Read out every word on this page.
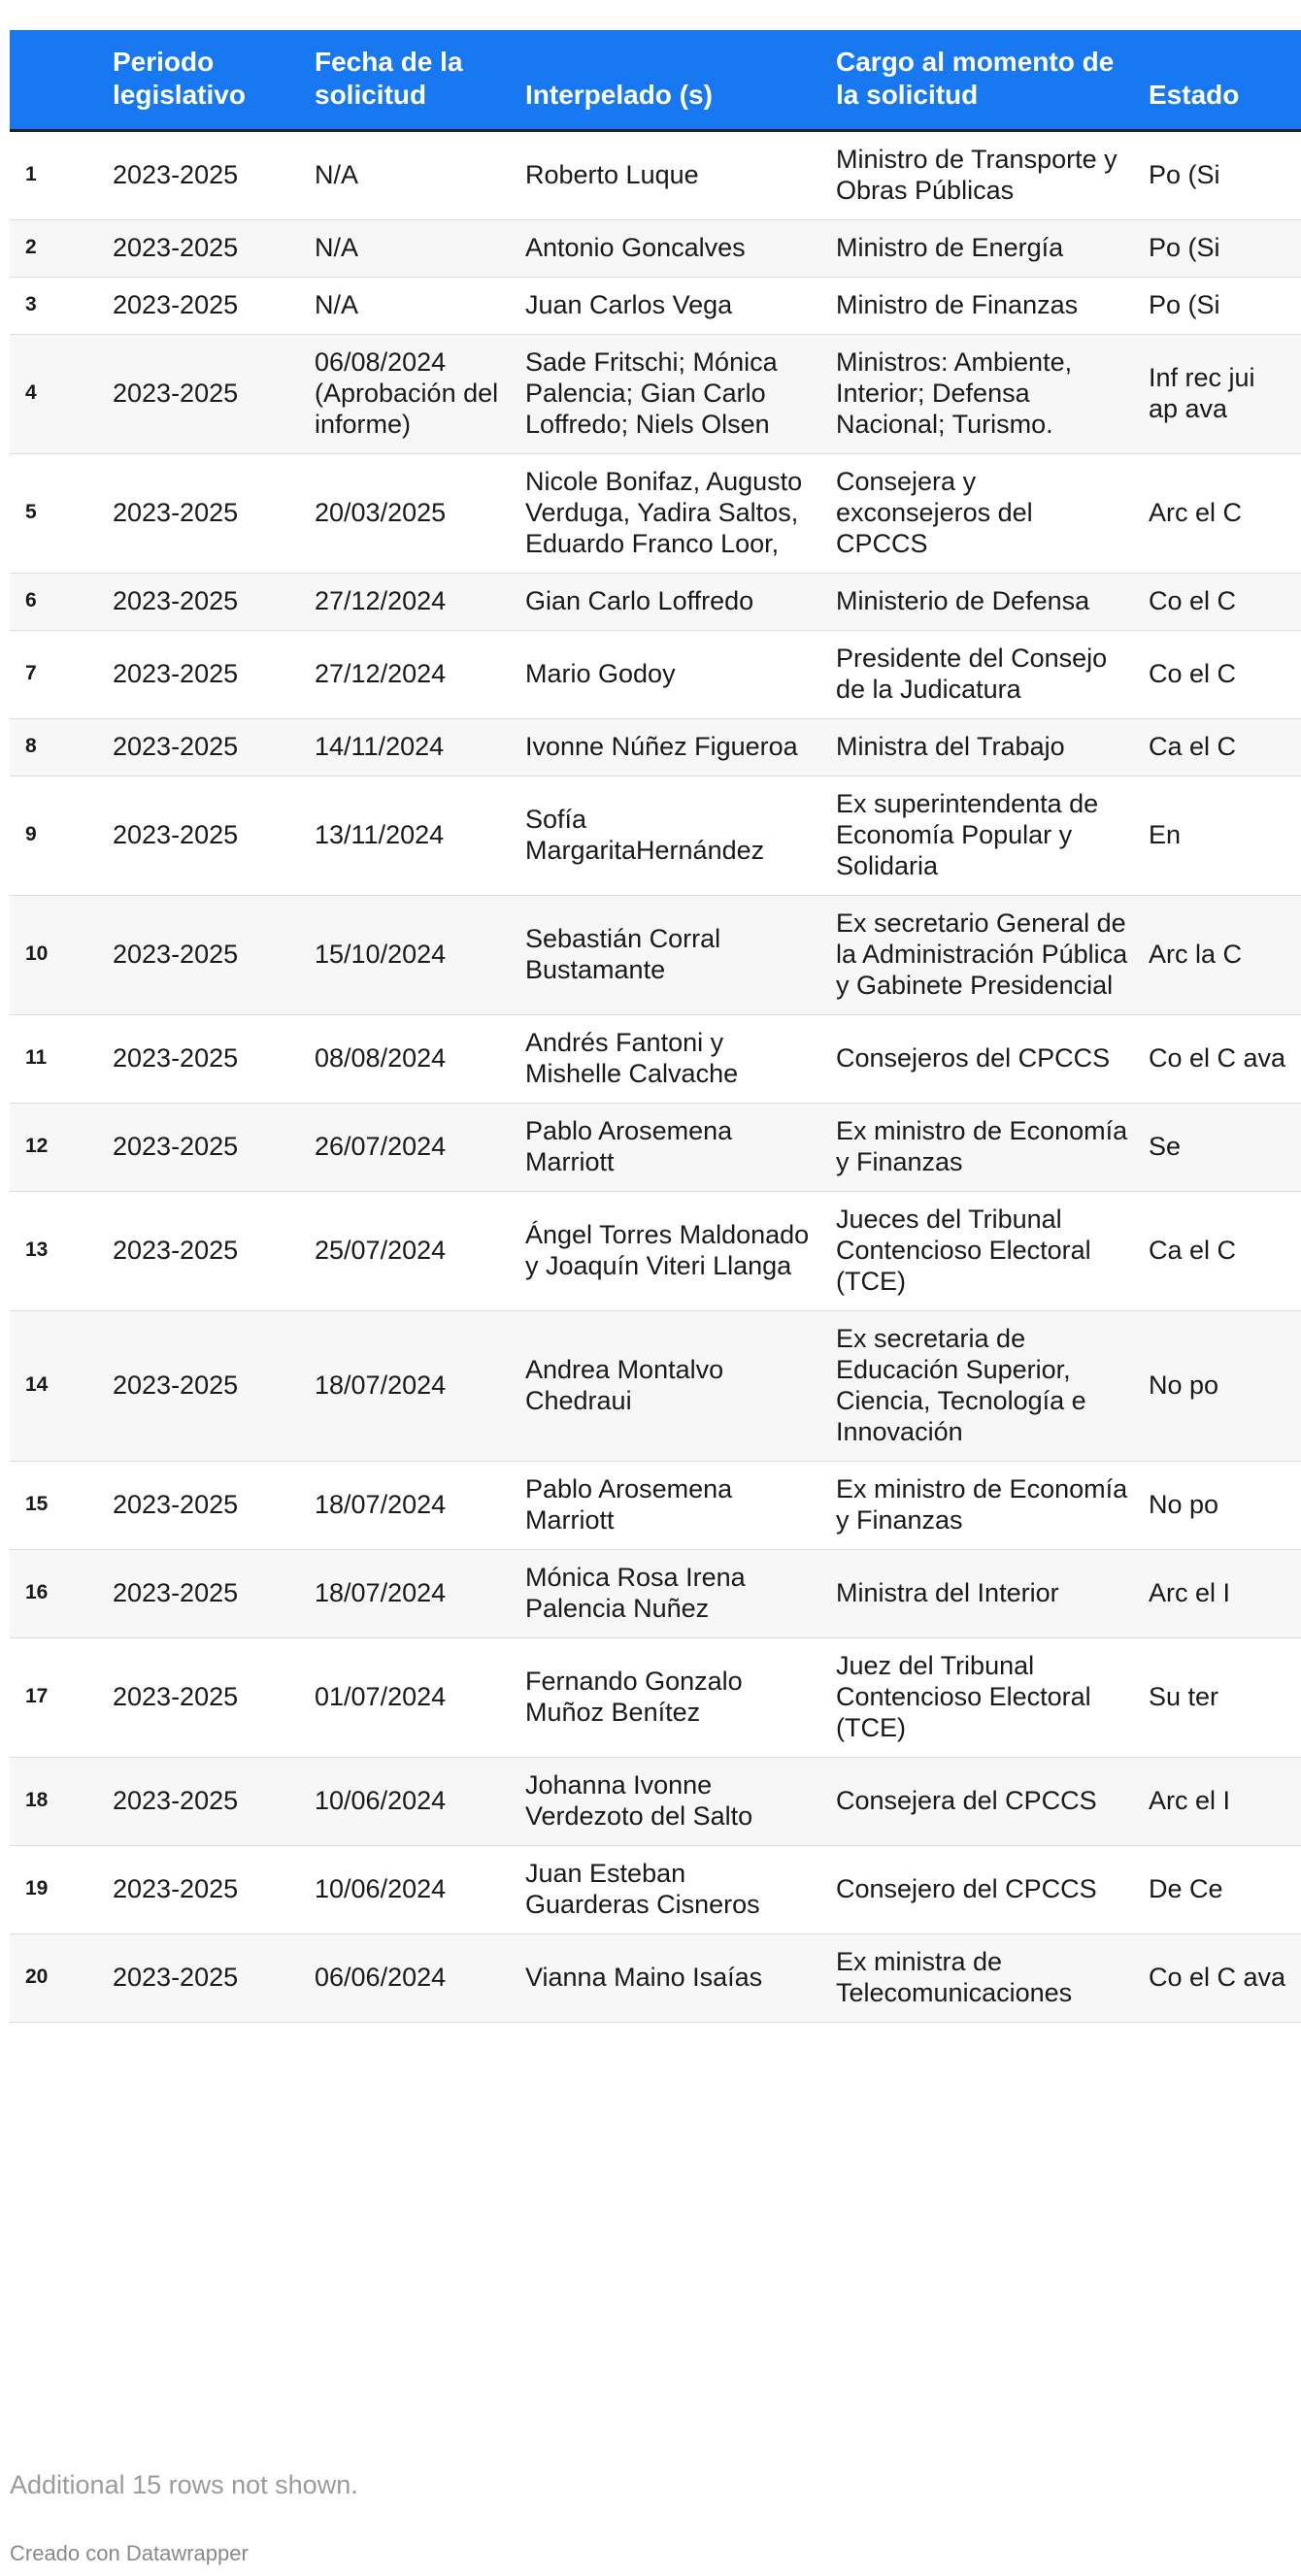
	Periodo legislativo	Fecha de la solicitud	Interpelado (s)	Cargo al momento de la solicitud	Estado
1	2023-2025	N/A	Roberto Luque	Ministro de Transporte y Obras Públicas	Po (Si
2	2023-2025	N/A	Antonio Goncalves	Ministro de Energía	Po (Si
3	2023-2025	N/A	Juan Carlos Vega	Ministro de Finanzas	Po (Si
4	2023-2025	06/08/2024 (Aprobación del informe)	Sade Fritschi; Mónica Palencia; Gian Carlo Loffredo; Niels Olsen	Ministros: Ambiente, Interior; Defensa Nacional; Turismo.	Inf rec jui ap ava
5	2023-2025	20/03/2025	Nicole Bonifaz, Augusto Verduga, Yadira Saltos, Eduardo Franco Loor,	Consejera y exconsejeros del CPCCS	Arc el C
6	2023-2025	27/12/2024	Gian Carlo Loffredo	Ministerio de Defensa	Co el C
7	2023-2025	27/12/2024	Mario Godoy	Presidente del Consejo de la Judicatura	Co el C
8	2023-2025	14/11/2024	Ivonne Núñez Figueroa	Ministra del Trabajo	Ca el C
9	2023-2025	13/11/2024	Sofía MargaritaHernández	Ex superintendenta de Economía Popular y Solidaria	En
10	2023-2025	15/10/2024	Sebastián Corral Bustamante	Ex secretario General de la Administración Pública y Gabinete Presidencial	Arc la C
11	2023-2025	08/08/2024	Andrés Fantoni y Mishelle Calvache	Consejeros del CPCCS	Co el C ava
12	2023-2025	26/07/2024	Pablo Arosemena Marriott	Ex ministro de Economía y Finanzas	Se
13	2023-2025	25/07/2024	Ángel Torres Maldonado y Joaquín Viteri Llanga	Jueces del Tribunal Contencioso Electoral (TCE)	Ca el C
14	2023-2025	18/07/2024	Andrea Montalvo Chedraui	Ex secretaria de Educación Superior, Ciencia, Tecnología e Innovación	No po
15	2023-2025	18/07/2024	Pablo Arosemena Marriott	Ex ministro de Economía y Finanzas	No po
16	2023-2025	18/07/2024	Mónica Rosa Irena Palencia Nuñez	Ministra del Interior	Arc el I
17	2023-2025	01/07/2024	Fernando Gonzalo Muñoz Benítez	Juez del Tribunal Contencioso Electoral (TCE)	Su ter
18	2023-2025	10/06/2024	Johanna Ivonne Verdezoto del Salto	Consejera del CPCCS	Arc el I
19	2023-2025	10/06/2024	Juan Esteban Guarderas Cisneros	Consejero del CPCCS	De Ce
20	2023-2025	06/06/2024	Vianna Maino Isaías	Ex ministra de Telecomunicaciones	Co el C ava
Additional 15 rows not shown.
Creado con Datawrapper
